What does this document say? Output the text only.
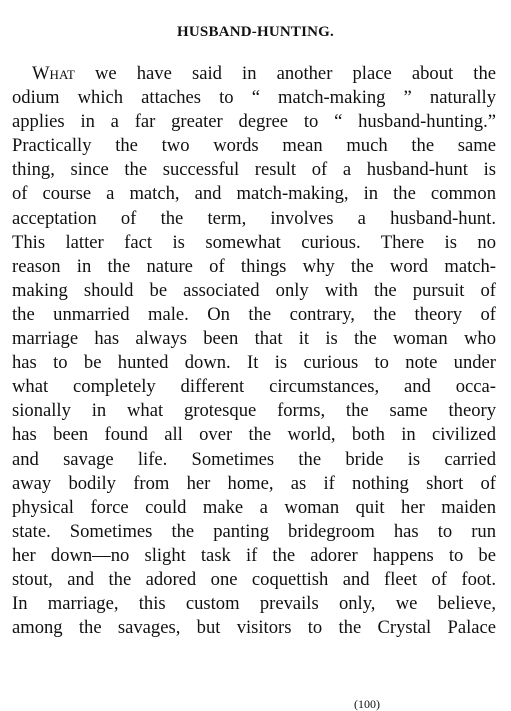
HUSBAND-HUNTING.
What we have said in another place about the
odium which attaches to “ match-making ” naturally
applies in a far greater degree to “ husband-hunting.”
Practically the two words mean much the same
thing, since the successful result of a husband-hunt is
of course a match, and match-making, in the common
acceptation of the term, involves a husband-hunt.
This latter fact is somewhat curious. There is no
reason in the nature of things why the word match-
making should be associated only with the pursuit of
the unmarried male. On the contrary, the theory of
marriage has always been that it is the woman who
has to be hunted down. It is curious to note under
what completely different circumstances, and occa-
sionally in what grotesque forms, the same theory
has been found all over the world, both in civilized
and savage life. Sometimes the bride is carried
away bodily from her home, as if nothing short of
physical force could make a woman quit her maiden
state. Sometimes the panting bridegroom has to run
her down—no slight task if the adorer happens to be
stout, and the adored one coquettish and fleet of foot.
In marriage, this custom prevails only, we believe,
among the savages, but visitors to the Crystal Palace
(100)
